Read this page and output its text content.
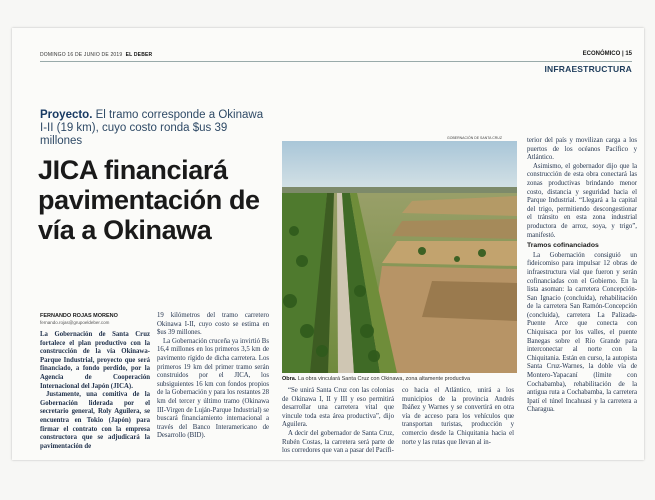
DOMINGO 16 DE JUNIO DE 2019 EL DEBER	ECONÓMICO | 15
INFRAESTRUCTURA
Proyecto. El tramo corresponde a Okinawa I-II (19 km), cuyo costo ronda $us 39 millones
JICA financiará pavimentación de vía a Okinawa
FERNANDO ROJAS MORENO
fernando.rojas@grupoeldeber.com

La Gobernación de Santa Cruz fortalece el plan productivo con la construcción de la vía Okinawa-Parque Industrial, proyecto que será financiado, a fondo perdido, por la Agencia de Cooperación Internacional del Japón (JICA).

Justamente, una comitiva de la Gobernación liderada por el secretario general, Roly Aguilera, se encuentra en Tokio (Japón) para firmar el contrato con la empresa constructora que se adjudicará la pavimentación de

19 kilómetros del tramo carretero Okinawa I-II, cuyo costo se estima en $us 39 millones.

La Gobernación cruceña ya invirtió Bs 16,4 millones en los primeros 3,5 km de pavimento rígido de dicha carretera. Los primeros 19 km del primer tramo serán construidos por el JICA, los subsiguientes 16 km con fondos propios de la Gobernación y para los restantes 28 km del tercer y último tramo (Okinawa III-Virgen de Luján-Parque Industrial) se buscará financiamiento internacional a través del Banco Interamericano de Desarrollo (BID).

GOBERNACIÓN DE SANTA CRUZ
Obra. La obra vinculará Santa Cruz con Okinawa, zona altamente productiva

“Se unirá Santa Cruz con las colonias de Okinawa I, II y III y eso permitirá desarrollar una carretera vital que vincule toda esta área productiva”, dijo Aguilera.

A decir del gobernador de Santa Cruz, Rubén Costas, la carretera será parte de los corredores que van a pasar del Pacífi-

co hacia el Atlántico, unirá a los municipios de la provincia Andrés Ibáñez y Warnes y se convertirá en otra vía de acceso para los vehículos que transportan turistas, producción y comercio desde la Chiquitania hacia el norte y las rutas que llevan al in-

terior del país y movilizan carga a los puertos de los océanos Pacífico y Atlántico.

Asimismo, el gobernador dijo que la construcción de esta obra conectará las zonas productivas brindando menor costo, distancia y seguridad hacia el Parque Industrial. “Llegará a la capital del trigo, permitiendo descongestionar el tránsito en esta zona industrial productora de arroz, soya, y trigo”, manifestó.

Tramos cofinanciados

La Gobernación consiguió un fideicomiso para impulsar 12 obras de infraestructura vial que fueron y serán cofinanciadas con el Gobierno. En la lista asoman: la carretera Concepción-San Ignacio (concluida), rehabilitación de la carretera San Ramón-Concepción (concluida), carretera La Palizada-Puente Arce que conecta con Chiquisaca por los valles, el puente Banegas sobre el Río Grande para interconectar al norte con la Chiquitania. Están en curso, la autopista Santa Cruz-Warnes, la doble vía de Montero-Yapacaní (límite con Cochabamba), rehabilitación de la antigua ruta a Cochabamba, la carretera Ipatí el túnel Incahuasi y la carretera a Charagua.
